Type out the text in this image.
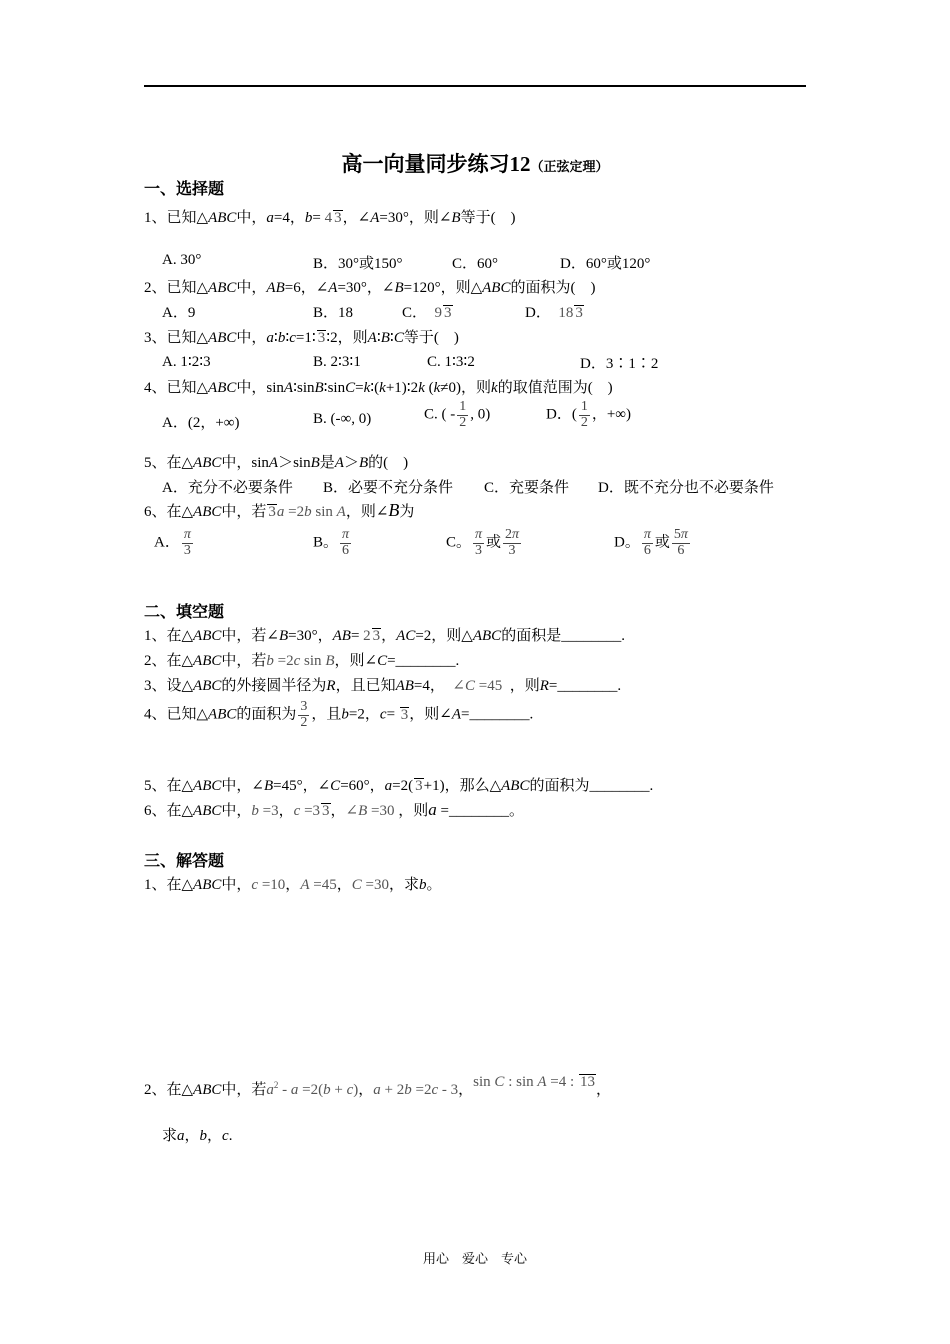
高一向量同步练习12（正弦定理）
一、选择题
1、已知△ABC中，a=4，b= 4 3，∠A=30°，则∠B等于(    )
A. 30°	B．30°或150°	C．60°	D．60°或120°
2、已知△ABC中，AB=6，∠A=30°，∠B=120°，则△ABC的面积为(    )
A．9	B．18	C．  9 3	D．  18 3
3、已知△ABC中，a∶b∶c=1∶ 3∶2，则A∶B∶C等于(    )
A. 1∶2∶3	B. 2∶3∶1	C. 1∶3∶2	D．3∶1∶2
4、已知△ABC中，sinA∶sinB∶sinC=k∶(k+1)∶2k (k≠0)，则k的取值范围为(    )
A．(2，+∞)	B. (-∞, 0)	C. ( - $\frac{1}{2}$ , 0)	D．( $\frac{1}{2}$ ，+∞)
5、在△ABC中，sinA＞sinB是A＞B的(    )
A．充分不必要条件 B．必要不充分条件 C．充要条件 D．既不充分也不必要条件
6、在△ABC中，若 3a =2b sin A，则∠B为
A． $\frac{\pi}{3}$	B。 $\frac{\pi}{6}$	C。 $\frac{\pi}{3}$ 或 $\frac{2\pi}{3}$	D。 $\frac{\pi}{6}$ 或 $\frac{5\pi}{6}$
二、填空题
1、在△ABC中，若∠B=30°，AB= 2 3，AC=2，则△ABC的面积是________.
2、在△ABC中，若b =2c sin B，则∠C=________.
3、设△ABC的外接圆半径为R，且已知AB=4，  ∠C =45  ，则R=________.
4、已知△ABC的面积为 $\frac{3}{2}$ ，且b=2，c= 3，则∠A=________.
5、在△ABC中，∠B=45°，∠C=60°，a=2( 3+1)，那么△ABC的面积为________.
6、在△ABC中，b =3，c =3 3，∠B =30 ，则a =________。
三、解答题
1、在△ABC中，c =10，A =45，C =30，求b。
2、在△ABC中，若$a^2 - a =2(b + c)$，a + 2b =2c - 3，sin C : sin A =4 : 13，
求a，b，c.
用心　爱心　专心
